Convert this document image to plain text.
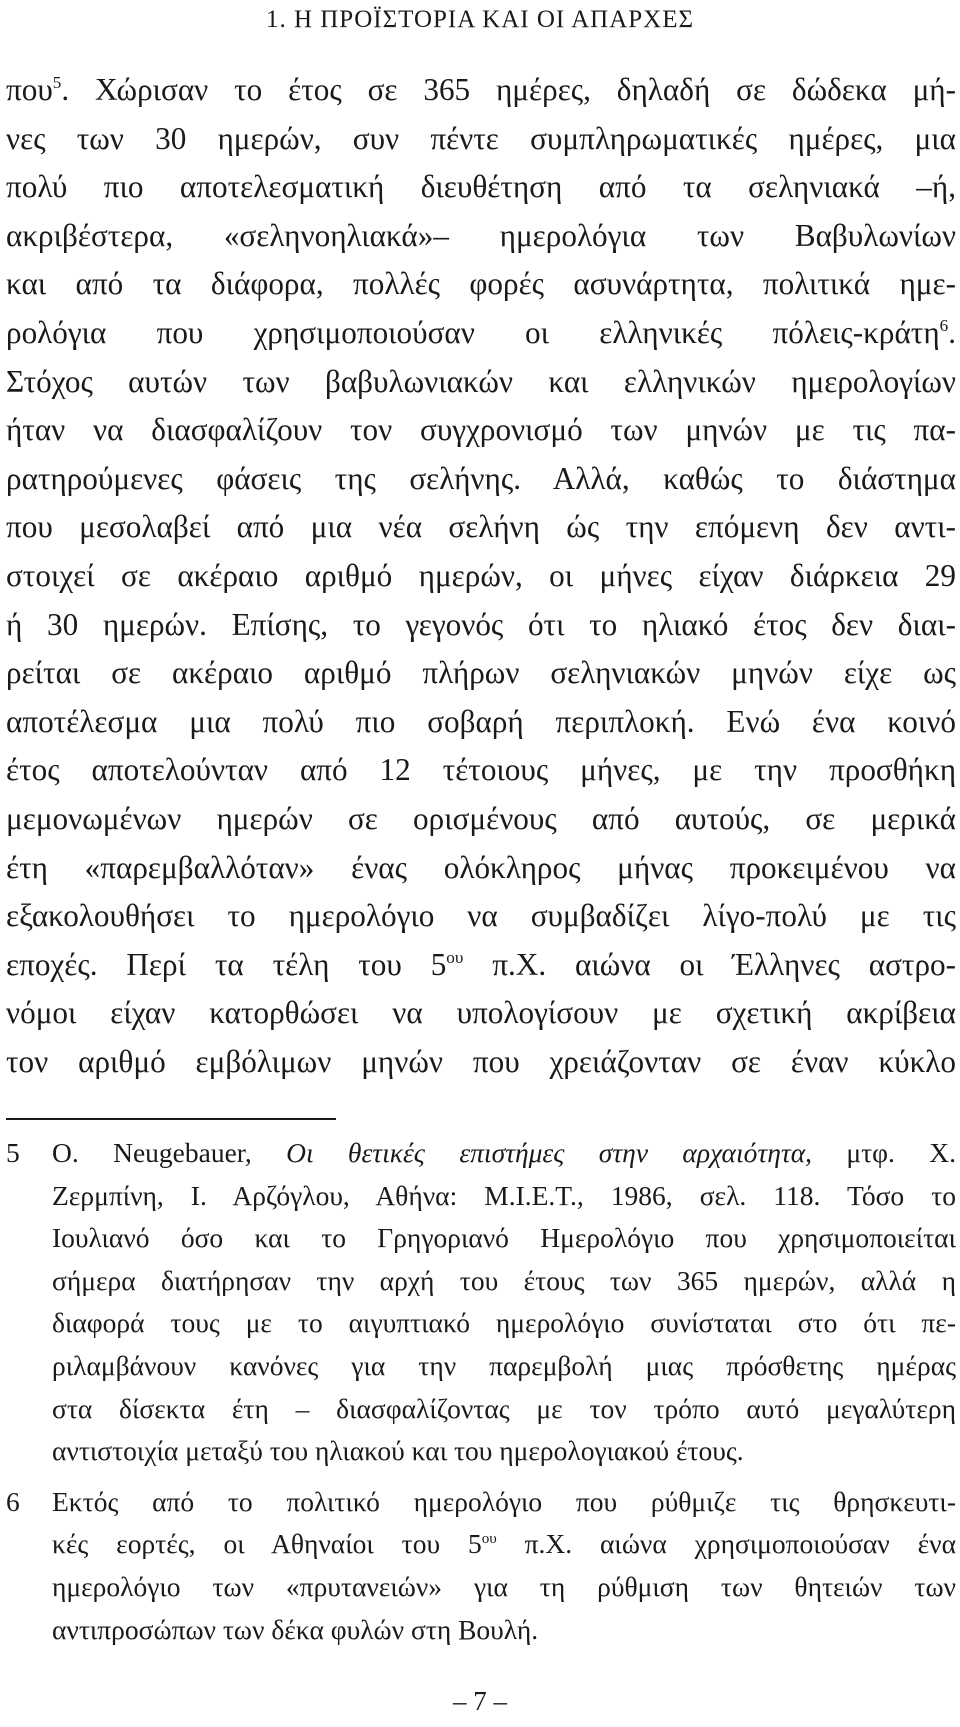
1. Η ΠΡΟΪΣΤΟΡΙΑ ΚΑΙ ΟΙ ΑΠΑΡΧΕΣ
που$^5$. Χώρισαν το έτος σε 365 ημέρες, δηλαδή σε δώδεκα μή-
νες των 30 ημερών, συν πέντε συμπληρωματικές ημέρες, μια
πολύ πιο αποτελεσματική διευθέτηση από τα σεληνιακά –ή,
ακριβέστερα, «σεληνοηλιακά»– ημερολόγια των Βαβυλωνίων
και από τα διάφορα, πολλές φορές ασυνάρτητα, πολιτικά ημε-
ρολόγια που χρησιμοποιούσαν οι ελληνικές πόλεις-κράτη$^6$.
Στόχος αυτών των βαβυλωνιακών και ελληνικών ημερολογίων
ήταν να διασφαλίζουν τον συγχρονισμό των μηνών με τις πα-
ρατηρούμενες φάσεις της σελήνης. Αλλά, καθώς το διάστημα
που μεσολαβεί από μια νέα σελήνη ώς την επόμενη δεν αντι-
στοιχεί σε ακέραιο αριθμό ημερών, οι μήνες είχαν διάρκεια 29
ή 30 ημερών. Επίσης, το γεγονός ότι το ηλιακό έτος δεν διαι-
ρείται σε ακέραιο αριθμό πλήρων σεληνιακών μηνών είχε ως
αποτέλεσμα μια πολύ πιο σοβαρή περιπλοκή. Ενώ ένα κοινό
έτος αποτελούνταν από 12 τέτοιους μήνες, με την προσθήκη
μεμονωμένων ημερών σε ορισμένους από αυτούς, σε μερικά
έτη «παρεμβαλλόταν» ένας ολόκληρος μήνας προκειμένου να
εξακολουθήσει το ημερολόγιο να συμβαδίζει λίγο-πολύ με τις
εποχές. Περί τα τέλη του $5^{o\upsilon}$ π.Χ. αιώνα οι Έλληνες αστρο-
νόμοι είχαν κατορθώσει να υπολογίσουν με σχετική ακρίβεια
τον αριθμό εμβόλιμων μηνών που χρειάζονταν σε έναν κύκλο
5 O. Neugebauer, Οι θετικές επιστήμες στην αρχαιότητα, μτφ. Χ.
Ζερμπίνη, Ι. Αρζόγλου, Αθήνα: Μ.Ι.Ε.Τ., 1986, σελ. 118. Τόσο το
Ιουλιανό όσο και το Γρηγοριανό Ημερολόγιο που χρησιμοποιείται
σήμερα διατήρησαν την αρχή του έτους των 365 ημερών, αλλά η
διαφορά τους με το αιγυπτιακό ημερολόγιο συνίσταται στο ότι πε-
ριλαμβάνουν κανόνες για την παρεμβολή μιας πρόσθετης ημέρας
στα δίσεκτα έτη – διασφαλίζοντας με τον τρόπο αυτό μεγαλύτερη
αντιστοιχία μεταξύ του ηλιακού και του ημερολογιακού έτους.
6 Εκτός από το πολιτικό ημερολόγιο που ρύθμιζε τις θρησκευτι-
κές εορτές, οι Αθηναίοι του $5^{o\upsilon}$ π.Χ. αιώνα χρησιμοποιούσαν ένα
ημερολόγιο των «πρυτανειών» για τη ρύθμιση των θητειών των
αντιπροσώπων των δέκα φυλών στη Βουλή.
– 7 –
